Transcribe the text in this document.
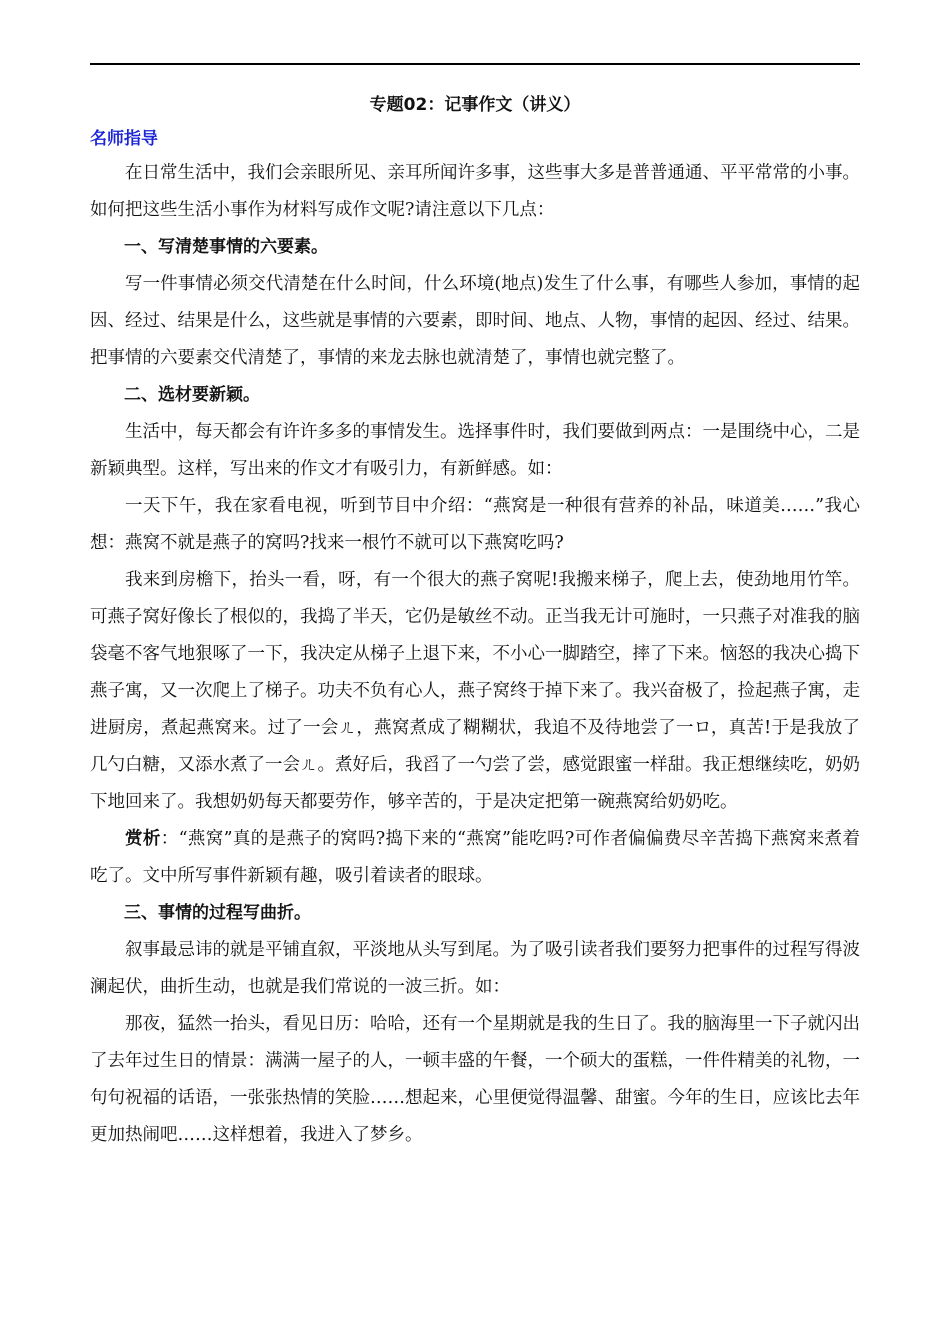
专题02：记事作文（讲义）
名师指导

在日常生活中，我们会亲眼所见、亲耳所闻许多事，这些事大多是普普通通、平平常常的小事。如何把这些生活小事作为材料写成作文呢?请注意以下几点：

一、写清楚事情的六要素。

写一件事情必须交代清楚在什么时间，什么环境(地点)发生了什么事，有哪些人参加，事情的起因、经过、结果是什么，这些就是事情的六要素，即时间、地点、人物，事情的起因、经过、结果。把事情的六要素交代清楚了，事情的来龙去脉也就清楚了，事情也就完整了。

二、选材要新颖。

生活中，每天都会有许许多多的事情发生。选择事件时，我们要做到两点：一是围绕中心，二是新颖典型。这样，写出来的作文才有吸引力，有新鲜感。如：

一天下午，我在家看电视，听到节目中介绍：“燕窝是一种很有营养的补品，味道美……”我心想：燕窝不就是燕子的窝吗?找来一根竹不就可以下燕窝吃吗?

我来到房檐下，抬头一看，呀，有一个很大的燕子窝呢!我搬来梯子，爬上去，使劲地用竹竿。可燕子窝好像长了根似的，我捣了半天，它仍是敏丝不动。正当我无计可施时，一只燕子对准我的脑袋毫不客气地狠啄了一下，我决定从梯子上退下来，不小心一脚踏空，摔了下来。恼怒的我决心捣下燕子寓，又一次爬上了梯子。功夫不负有心人，燕子窝终于掉下来了。我兴奋极了，捡起燕子寓，走进厨房，煮起燕窝来。过了一会ㄦ，燕窝煮成了糊糊状，我追不及待地尝了一ロ，真苦!于是我放了几勺白糖，又添水煮了一会ㄦ。煮好后，我舀了一勺尝了尝，感觉跟蜜一样甜。我正想继续吃，奶奶下地回来了。我想奶奶每天都要劳作，够辛苦的，于是决定把第一碗燕窝给奶奶吃。

赏析：“燕窝”真的是燕子的窝吗?捣下来的“燕窝”能吃吗?可作者偏偏费尽辛苦捣下燕窝来煮着吃了。文中所写事件新颖有趣，吸引着读者的眼球。

三、事情的过程写曲折。

叙事最忌讳的就是平铺直叙，平淡地从头写到尾。为了吸引读者我们要努力把事件的过程写得波澜起伏，曲折生动，也就是我们常说的一波三折。如：

那夜，猛然一抬头，看见日历：哈哈，还有一个星期就是我的生日了。我的脑海里一下子就闪出了去年过生日的情景：满满一屋子的人，一顿丰盛的午餐，一个硕大的蛋糕，一件件精美的礼物，一句句祝福的话语，一张张热情的笑脸……想起来，心里便觉得温馨、甜蜜。今年的生日，应该比去年更加热闹吧……这样想着，我进入了梦乡。
